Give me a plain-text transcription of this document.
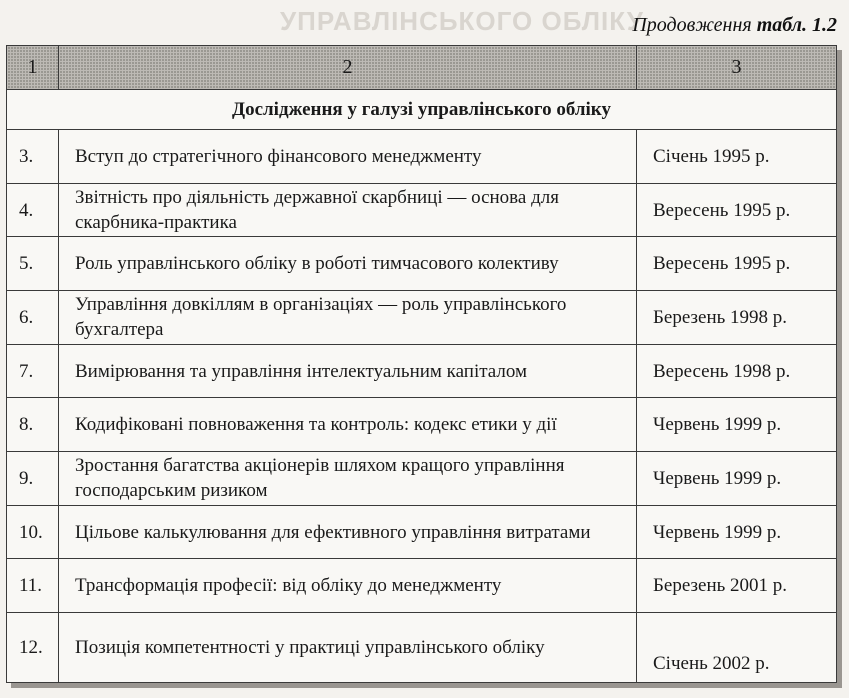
УПРАВЛІНСЬКОГО ОБЛІКУ
Продовження табл. 1.2
1	2	3
Дослідження у галузі управлінського обліку		
3.	Вступ до стратегічного фінансового менеджменту	Січень 1995 р.
4.	Звітність про діяльність державної скарбниці — основа для скарбника-практика	Вересень 1995 р.
5.	Роль управлінського обліку в роботі тимчасового колективу	Вересень 1995 р.
6.	Управління довкіллям в організаціях — роль управлінського бухгалтера	Березень 1998 р.
7.	Вимірювання та управління інтелектуальним капіталом	Вересень 1998 р.
8.	Кодифіковані повноваження та контроль: кодекс етики у дії	Червень 1999 р.
9.	Зростання багатства акціонерів шляхом кращого управління господарським ризиком	Червень 1999 р.
10.	Цільове калькулювання для ефективного управління витратами	Червень 1999 р.
11.	Трансформація професії: від обліку до менеджменту	Березень 2001 р.
12.	Позиція компетентності у практиці управлінського обліку	Січень 2002 р.
